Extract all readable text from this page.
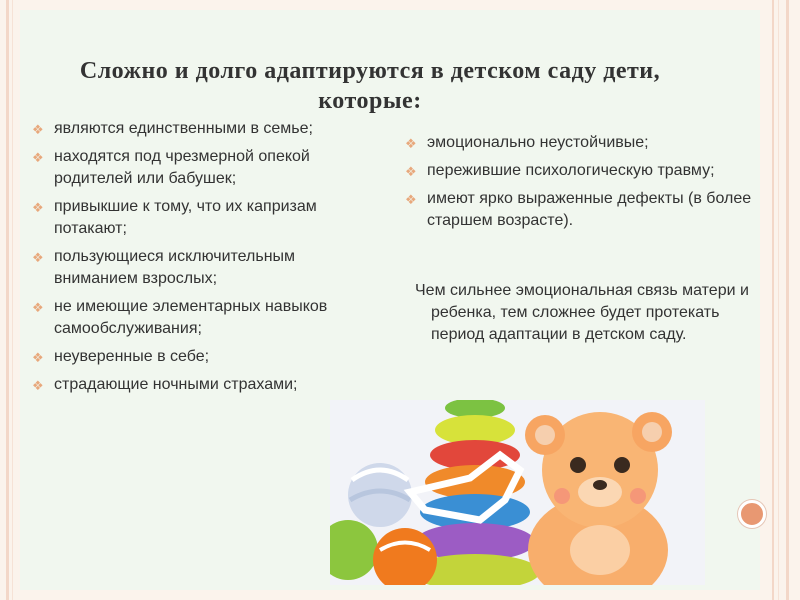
Сложно и долго адаптируются в детском саду дети,
которые:
❖ являются единственными в семье;
❖ находятся под чрезмерной опекой родителей или бабушек;
❖ привыкшие к тому, что их капризам потакают;
❖ пользующиеся исключительным вниманием взрослых;
❖ не имеющие элементарных навыков самообслуживания;
❖ неуверенные в себе;
❖ страдающие ночными страхами;
❖ эмоционально неустойчивые;
❖ пережившие психологическую травму;
❖ имеют ярко выраженные дефекты (в более старшем возрасте).
Чем сильнее эмоциональная связь матери и ребенка, тем сложнее будет протекать период адаптации в детском саду.
